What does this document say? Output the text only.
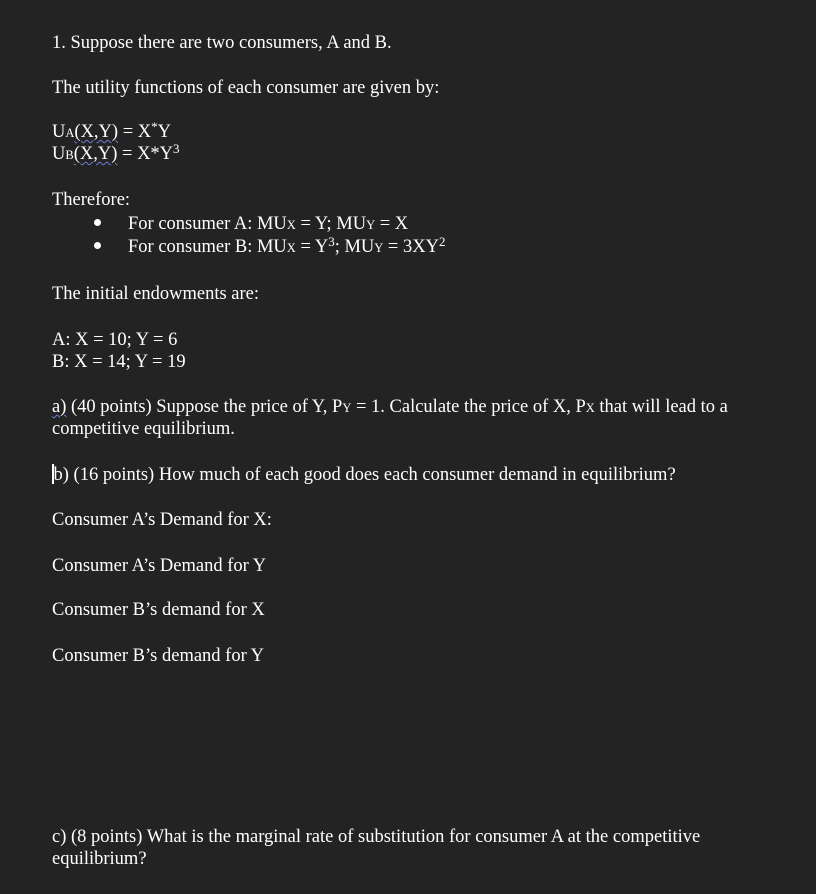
1. Suppose there are two consumers, A and B.
The utility functions of each consumer are given by:
UA(X,Y) = X*Y
$UB(X,Y) = X*Y^3$
Therefore:
For consumer A: MUX = Y; MUY = X
For consumer B: MUX = $Y^3$; MUY = $3XY^2$
The initial endowments are:
A: X = 10; Y = 6
B: X = 14; Y = 19
a) (40 points) Suppose the price of Y, PY = 1. Calculate the price of X, PX that will lead to a
competitive equilibrium.
b) (16 points) How much of each good does each consumer demand in equilibrium?
Consumer A’s Demand for X:
Consumer A’s Demand for Y
Consumer B’s demand for X
Consumer B’s demand for Y
c) (8 points) What is the marginal rate of substitution for consumer A at the competitive
equilibrium?
